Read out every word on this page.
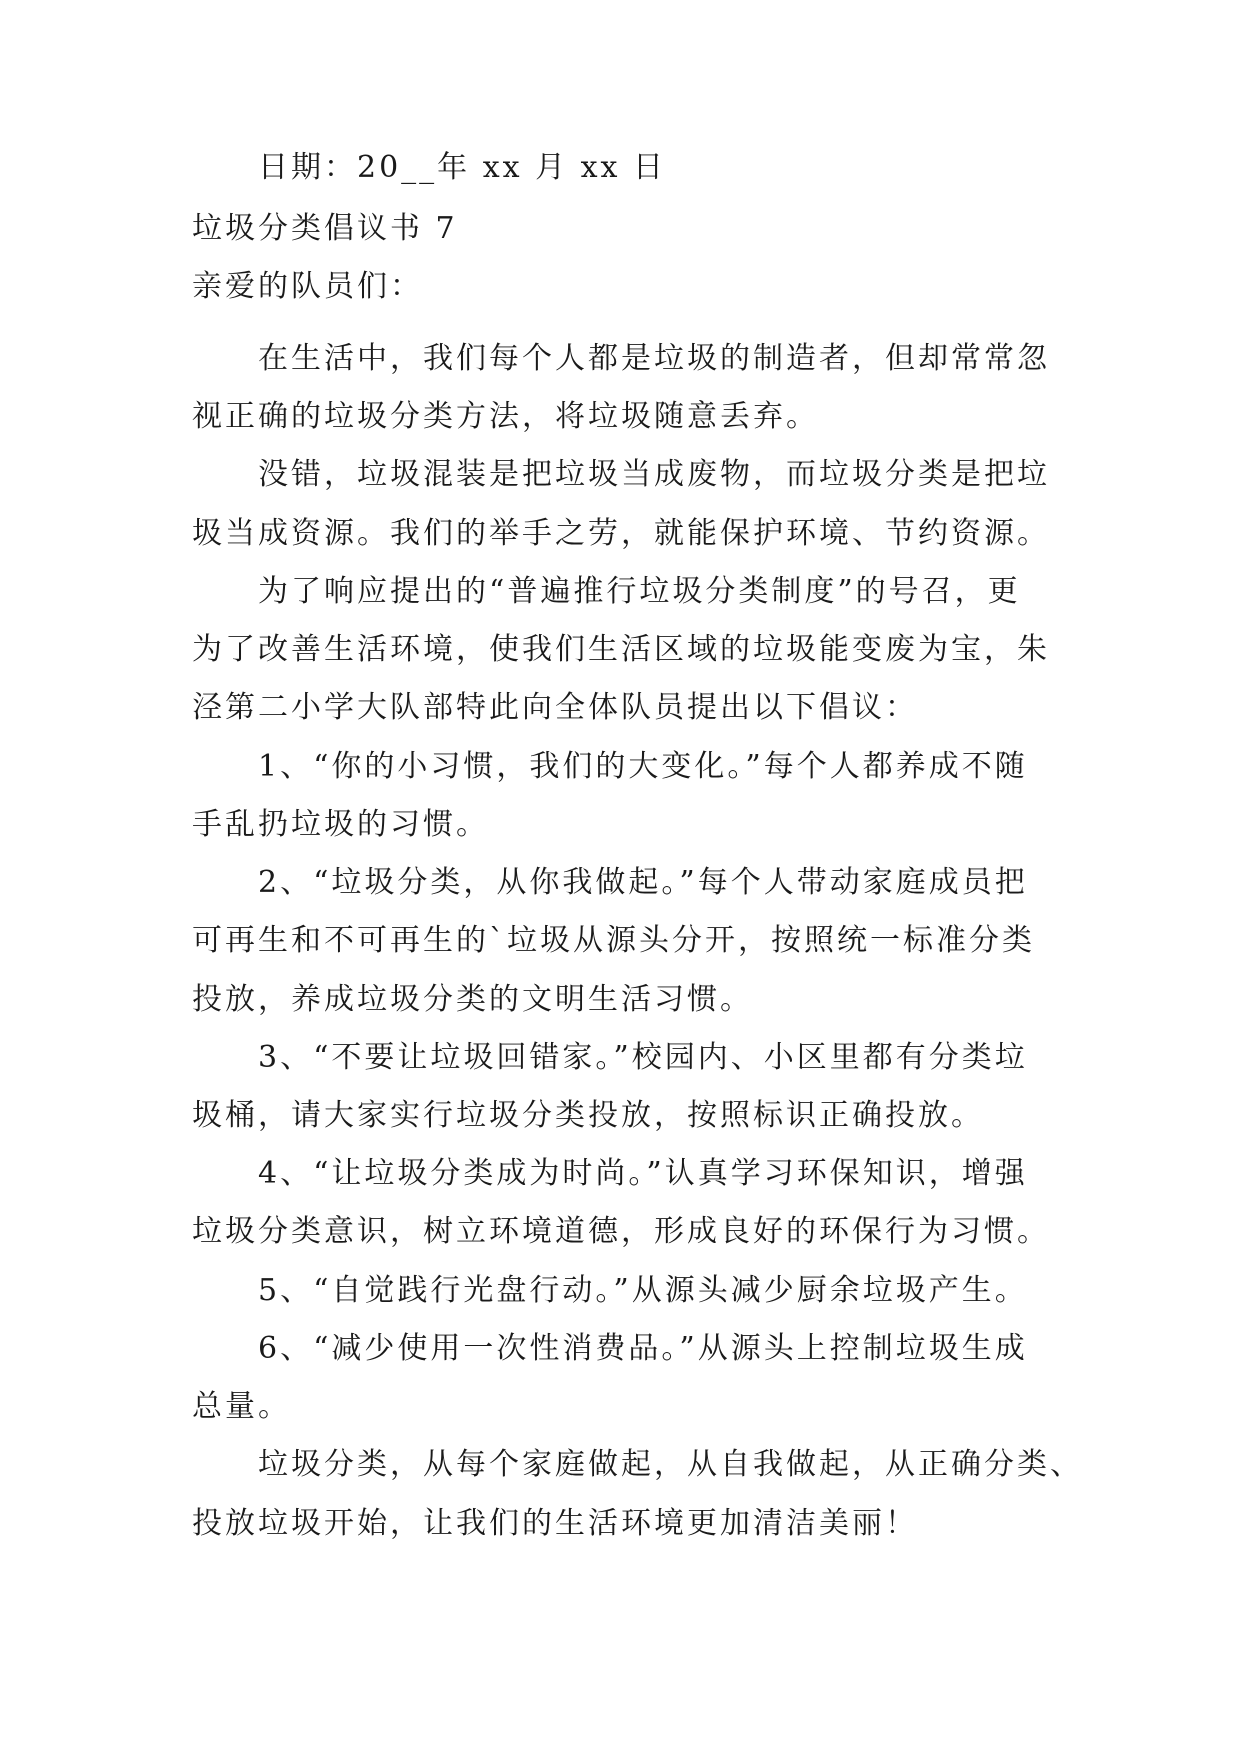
日期：20__年 xx 月 xx 日
垃圾分类倡议书 7
亲爱的队员们：
在生活中，我们每个人都是垃圾的制造者，但却常常忽
视正确的垃圾分类方法，将垃圾随意丢弃。
没错，垃圾混装是把垃圾当成废物，而垃圾分类是把垃
圾当成资源。我们的举手之劳，就能保护环境、节约资源。
为了响应提出的“普遍推行垃圾分类制度”的号召，更
为了改善生活环境，使我们生活区域的垃圾能变废为宝，朱
泾第二小学大队部特此向全体队员提出以下倡议：
1、“你的小习惯，我们的大变化。”每个人都养成不随
手乱扔垃圾的习惯。
2、“垃圾分类，从你我做起。”每个人带动家庭成员把
可再生和不可再生的`垃圾从源头分开，按照统一标准分类
投放，养成垃圾分类的文明生活习惯。
3、“不要让垃圾回错家。”校园内、小区里都有分类垃
圾桶，请大家实行垃圾分类投放，按照标识正确投放。
4、“让垃圾分类成为时尚。”认真学习环保知识，增强
垃圾分类意识，树立环境道德，形成良好的环保行为习惯。
5、“自觉践行光盘行动。”从源头减少厨余垃圾产生。
6、“减少使用一次性消费品。”从源头上控制垃圾生成
总量。
垃圾分类，从每个家庭做起，从自我做起，从正确分类、
投放垃圾开始，让我们的生活环境更加清洁美丽！
